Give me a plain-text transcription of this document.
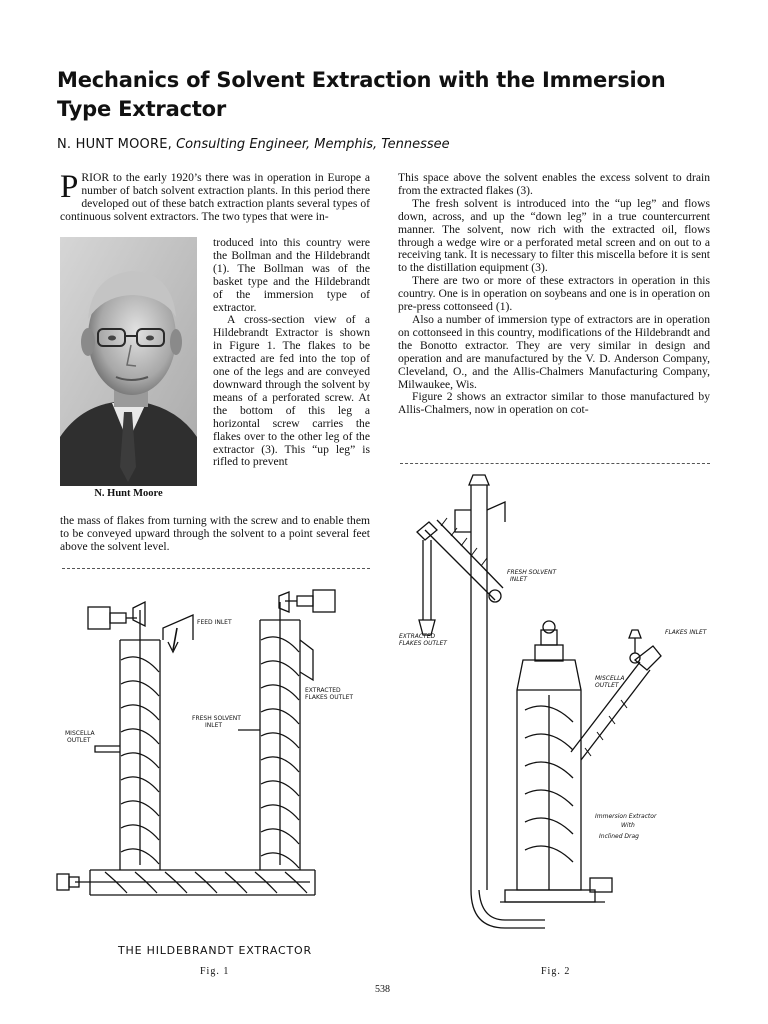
Mechanics of Solvent Extraction with the Immersion Type Extractor
N. HUNT MOORE, Consulting Engineer, Memphis, Tennessee

PRIOR to the early 1920’s there was in operation in Europe a number of batch solvent extraction plants. In this period there developed out of these batch extraction plants several types of continuous solvent extractors. The two types that were in-

N. Hunt Moore

troduced into this country were the Bollman and the Hildebrandt (1). The Bollman was of the basket type and the Hildebrandt of the immersion type of extractor.

A cross-section view of a Hildebrandt Extractor is shown in Figure 1. The flakes to be extracted are fed into the top of one of the legs and are conveyed downward through the solvent by means of a perforated screw. At the bottom of this leg a horizontal screw carries the flakes over to the other leg of the extractor (3). This “up leg” is rifled to prevent

the mass of flakes from turning with the screw and to enable them to be conveyed upward through the solvent to a point several feet above the solvent level.

This space above the solvent enables the excess solvent to drain from the extracted flakes (3).

The fresh solvent is introduced into the “up leg” and flows down, across, and up the “down leg” in a true countercurrent manner. The solvent, now rich with the extracted oil, flows through a wedge wire or a perforated metal screen and on out to a receiving tank. It is necessary to filter this miscella before it is sent to the distillation equipment (3).

There are two or more of these extractors in operation in this country. One is in operation on soybeans and one is in operation on pre-press cottonseed (1).

Also a number of immersion type of extractors are in operation on cottonseed in this country, modifications of the Hildebrandt and the Bonotto extractor. They are very similar in design and operation and are manufactured by the V. D. Anderson Company, Cleveland, O., and the Allis-Chalmers Manufacturing Company, Milwaukee, Wis.

Figure 2 shows an extractor similar to those manufactured by Allis-Chalmers, now in operation on cot-

FEED INLET
EXTRACTED
FLAKES OUTLET
FRESH SOLVENT
INLET
MISCELLA
OUTLET
THE HILDEBRANDT EXTRACTOR
Fig. 1
FRESH SOLVENT
INLET
EXTRACTED
FLAKES OUTLET
FLAKES INLET
MISCELLA
OUTLET
Immersion Extractor
With
Inclined Drag
Fig. 2
538
